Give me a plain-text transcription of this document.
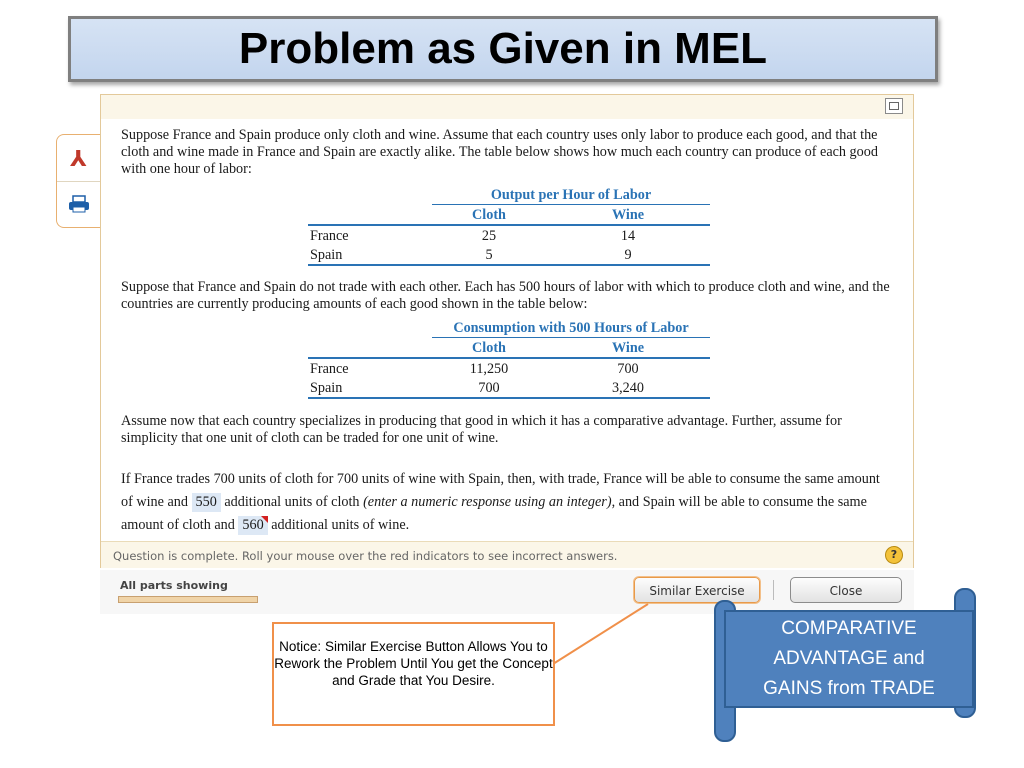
Problem as Given in MEL
⅄

Suppose France and Spain produce only cloth and wine. Assume that each country uses only labor to produce each good, and that the cloth and wine made in France and Spain are exactly alike. The table below shows how much each country can produce of each good with one hour of labor:

	Output per Hour of Labor	
	Cloth	Wine
France	25	14
Spain	5	9

Suppose that France and Spain do not trade with each other. Each has 500 hours of labor with which to produce cloth and wine, and the countries are currently producing amounts of each good shown in the table below:

	Consumption with 500 Hours of Labor	
	Cloth	Wine
France	11,250	700
Spain	700	3,240

Assume now that each country specializes in producing that good in which it has a comparative advantage. Further, assume for simplicity that one unit of cloth can be traded for one unit of wine.

If France trades 700 units of cloth for 700 units of wine with Spain, then, with trade, France will be able to consume the same amount of wine and 550 additional units of cloth (enter a numeric response using an integer), and Spain will be able to consume the same amount of cloth and 560 additional units of wine.

Question is complete. Roll your mouse over the red indicators to see incorrect answers.	?
All parts showing	Similar Exercise	Close
Notice: Similar Exercise Button Allows You to Rework the Problem Until You get the Concept and Grade that You Desire.
COMPARATIVE
ADVANTAGE and
GAINS from TRADE
